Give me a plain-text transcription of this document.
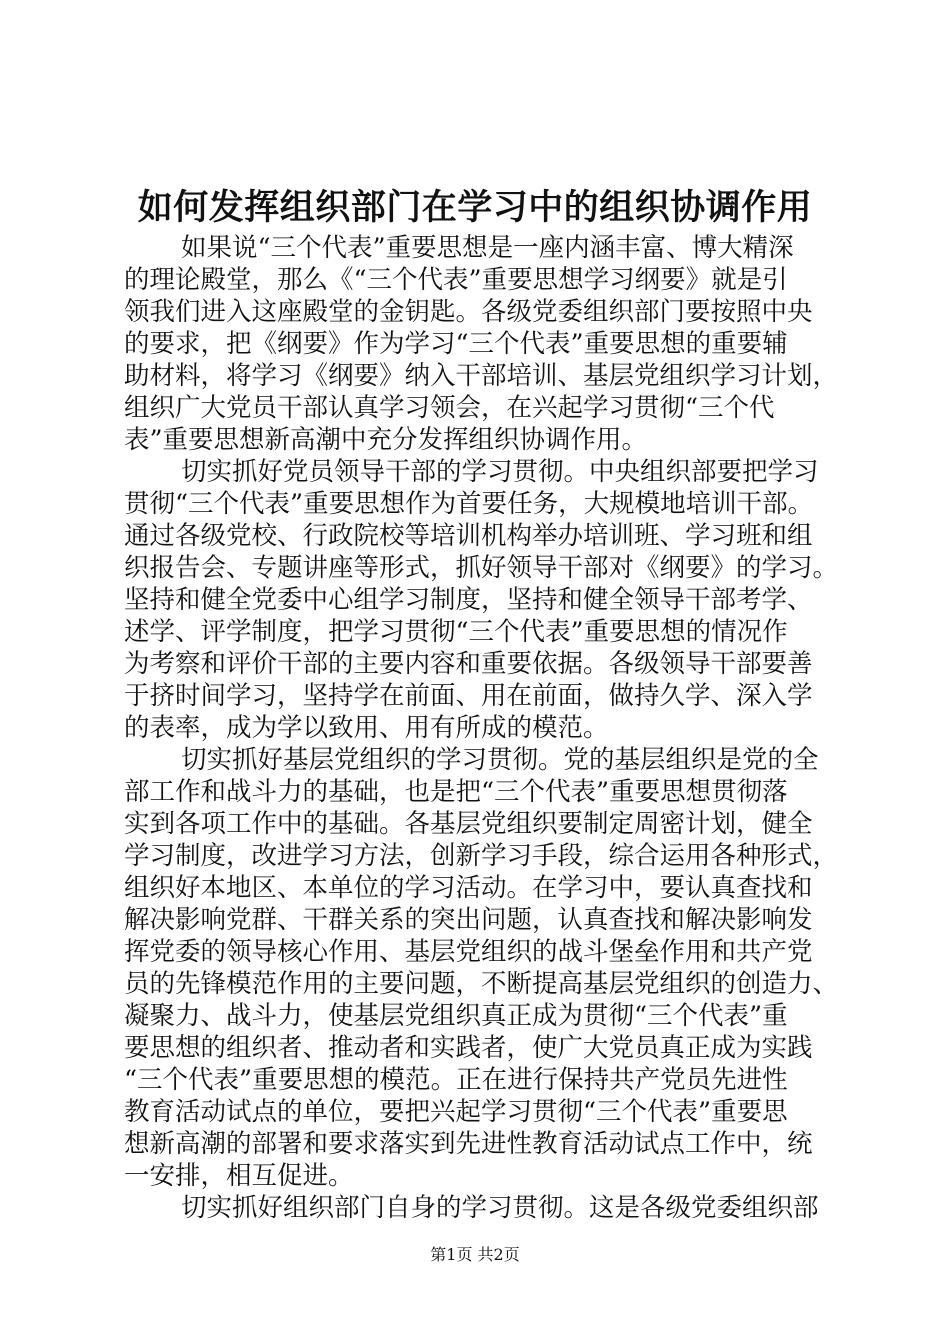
如何发挥组织部门在学习中的组织协调作用
如果说“三个代表”重要思想是一座内涵丰富、博大精深
的理论殿堂，那么《“三个代表”重要思想学习纲要》就是引
领我们进入这座殿堂的金钥匙。各级党委组织部门要按照中央
的要求，把《纲要》作为学习“三个代表”重要思想的重要辅
助材料，将学习《纲要》纳入干部培训、基层党组织学习计划，
组织广大党员干部认真学习领会，在兴起学习贯彻“三个代
表”重要思想新高潮中充分发挥组织协调作用。
切实抓好党员领导干部的学习贯彻。中央组织部要把学习
贯彻“三个代表”重要思想作为首要任务，大规模地培训干部。
通过各级党校、行政院校等培训机构举办培训班、学习班和组
织报告会、专题讲座等形式，抓好领导干部对《纲要》的学习。
坚持和健全党委中心组学习制度，坚持和健全领导干部考学、
述学、评学制度，把学习贯彻“三个代表”重要思想的情况作
为考察和评价干部的主要内容和重要依据。各级领导干部要善
于挤时间学习，坚持学在前面、用在前面，做持久学、深入学
的表率，成为学以致用、用有所成的模范。
切实抓好基层党组织的学习贯彻。党的基层组织是党的全
部工作和战斗力的基础，也是把“三个代表”重要思想贯彻落
实到各项工作中的基础。各基层党组织要制定周密计划，健全
学习制度，改进学习方法，创新学习手段，综合运用各种形式，
组织好本地区、本单位的学习活动。在学习中，要认真查找和
解决影响党群、干群关系的突出问题，认真查找和解决影响发
挥党委的领导核心作用、基层党组织的战斗堡垒作用和共产党
员的先锋模范作用的主要问题，不断提高基层党组织的创造力、
凝聚力、战斗力，使基层党组织真正成为贯彻“三个代表”重
要思想的组织者、推动者和实践者，使广大党员真正成为实践
“三个代表”重要思想的模范。正在进行保持共产党员先进性
教育活动试点的单位，要把兴起学习贯彻“三个代表”重要思
想新高潮的部署和要求落实到先进性教育活动试点工作中，统
一安排，相互促进。
切实抓好组织部门自身的学习贯彻。这是各级党委组织部
第1页 共2页
